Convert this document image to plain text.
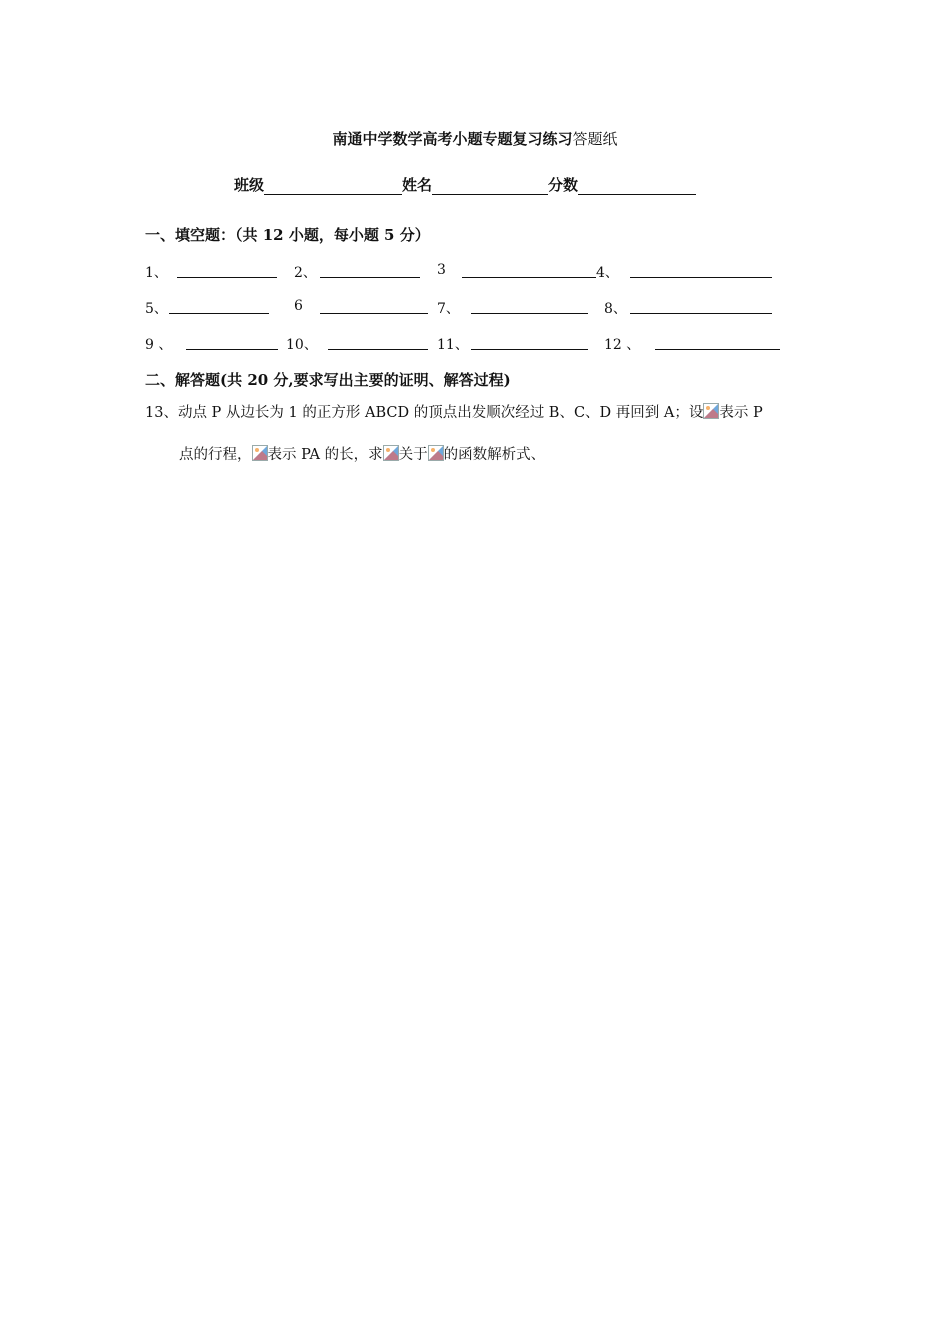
南通中学数学高考小题专题复习练习答题纸
班级	姓名	分数
一、填空题：（共 12 小题，每小题 5 分）
1、	2、	3	4、
5、	6	7、	8、
9 、	10、	11、	12 、
二、解答题(共 20 分,要求写出主要的证明、解答过程)
13、动点 P 从边长为 1 的正方形 ABCD 的顶点出发顺次经过 B、C、D 再回到 A；设 表示 P
点的行程， 表示 PA 的长，求 关于 的函数解析式、
